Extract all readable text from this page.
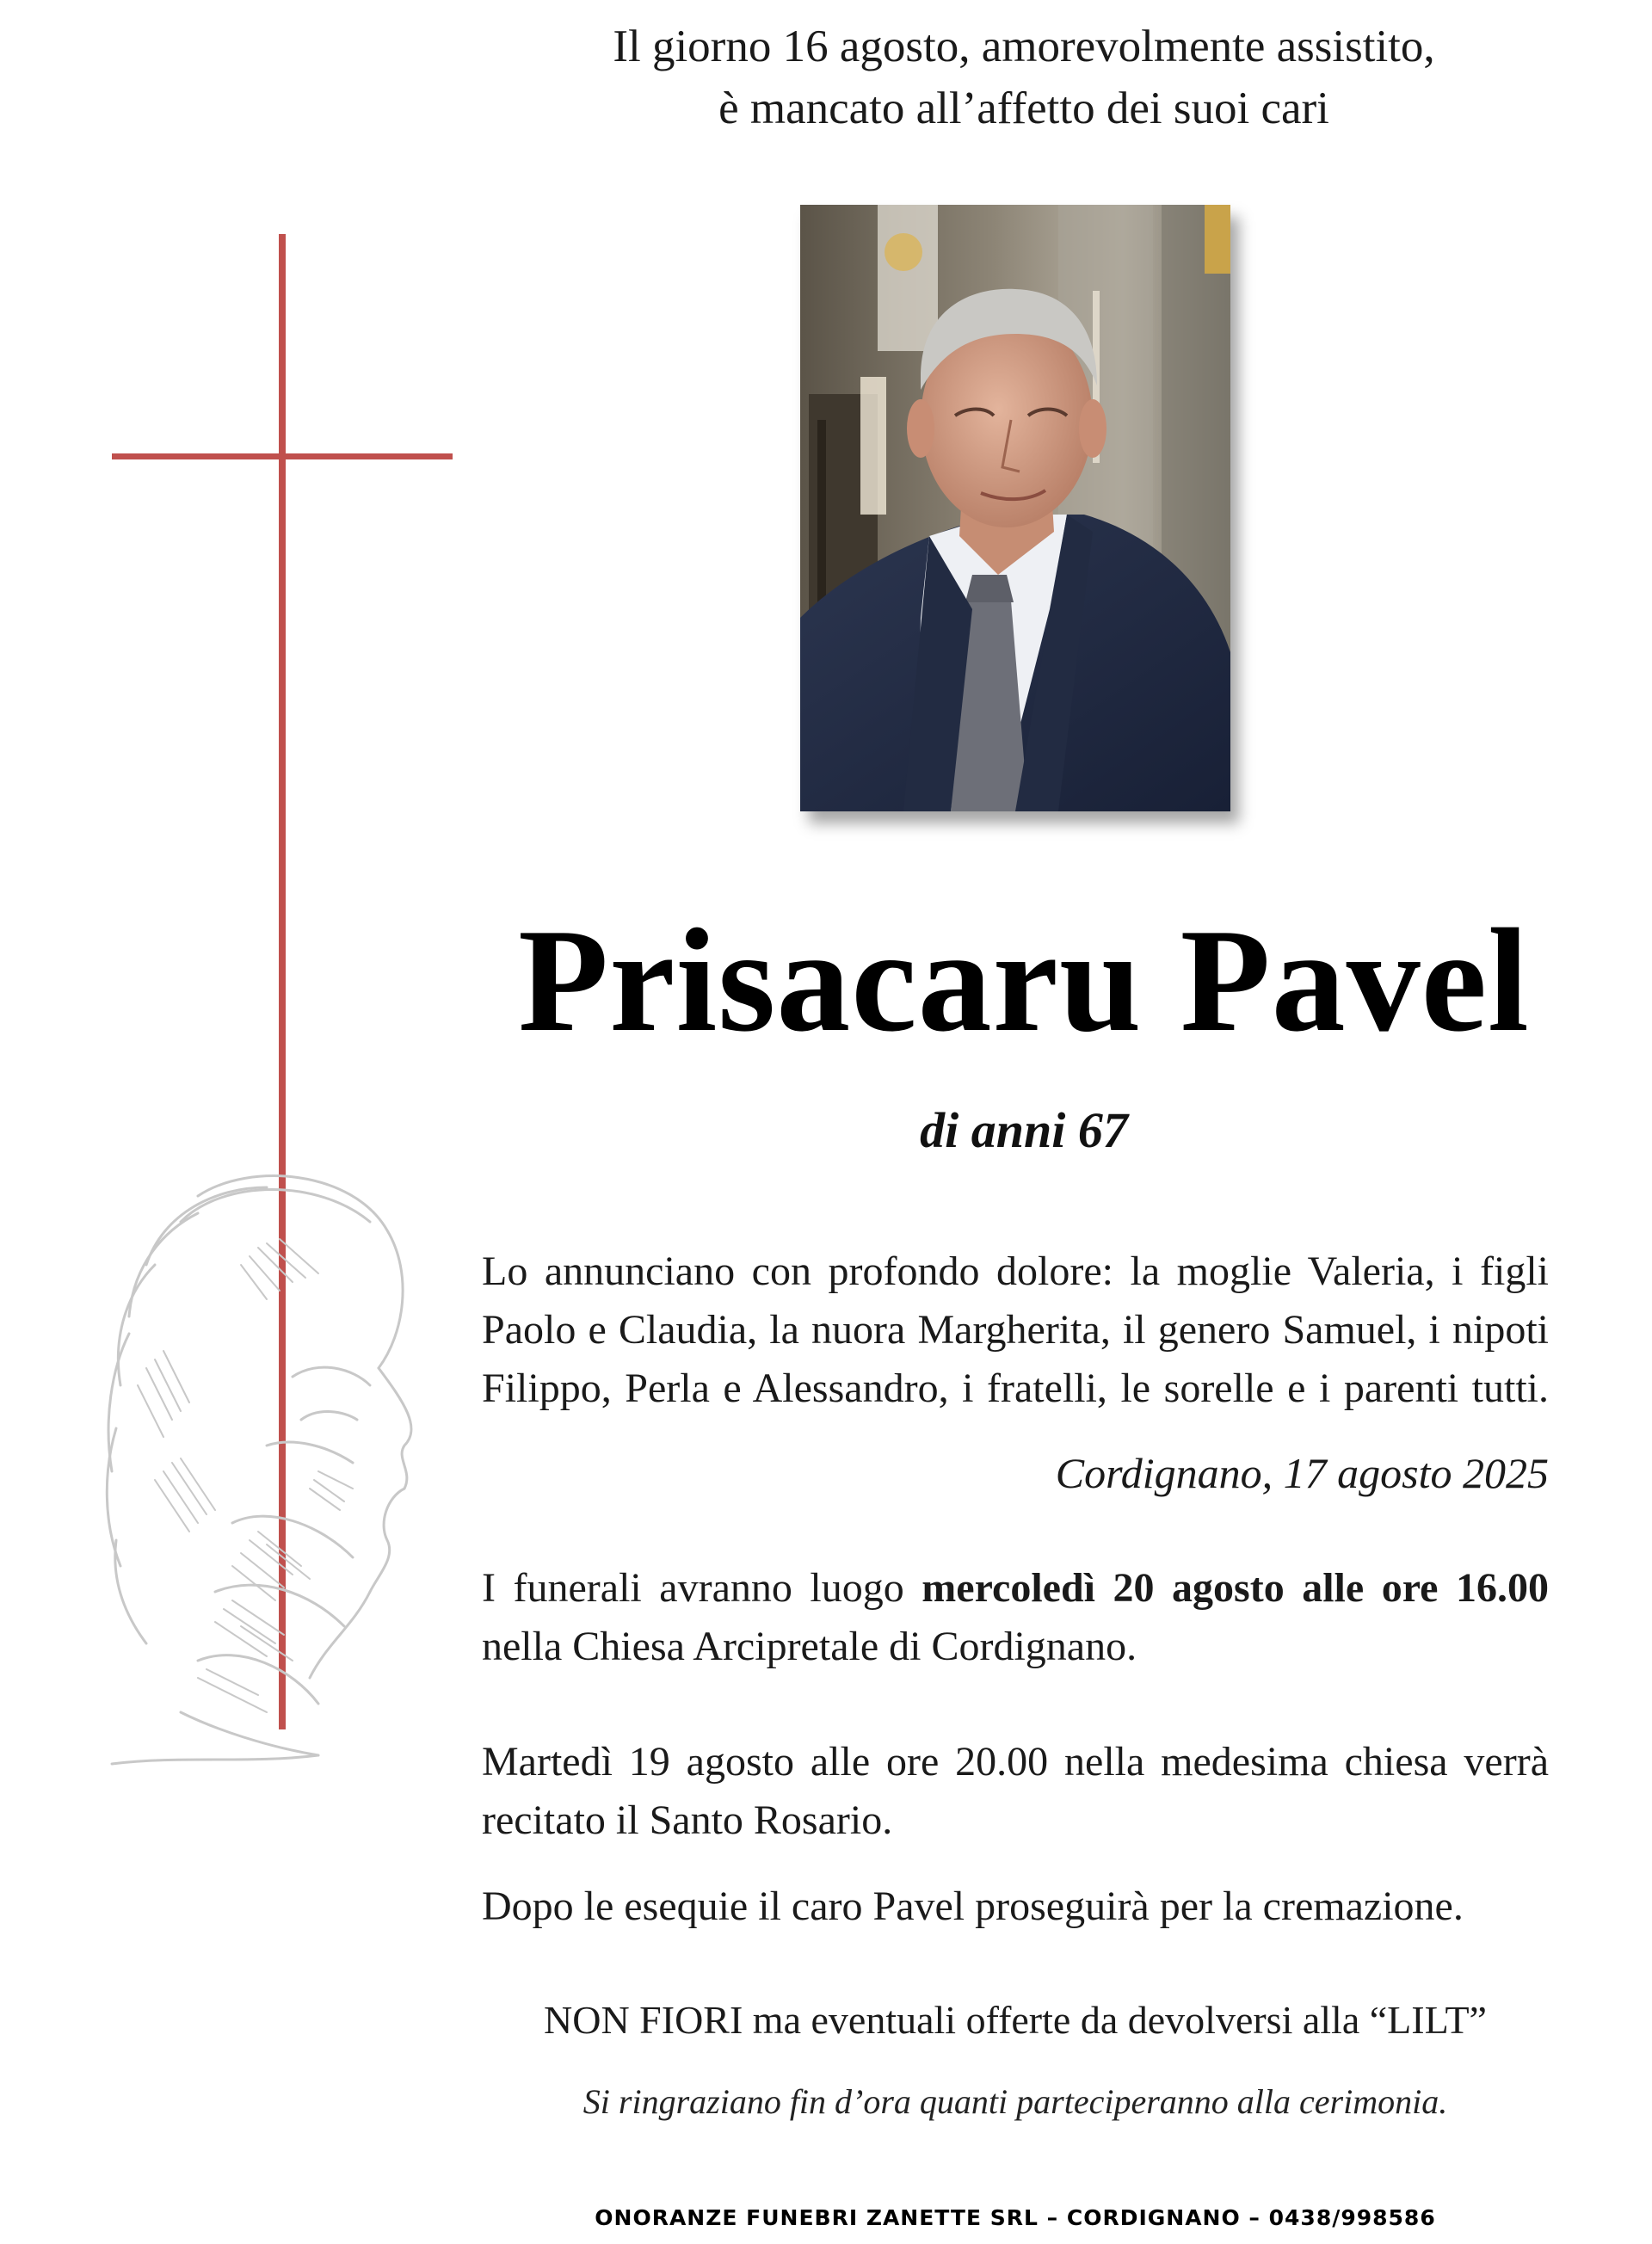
Il giorno 16 agosto, amorevolmente assistito,
è mancato all’affetto dei suoi cari
Prisacaru Pavel
di anni 67
Lo annunciano con profondo dolore: la moglie Valeria, i figli
Paolo e Claudia, la nuora Margherita, il genero Samuel, i nipoti
Filippo, Perla e Alessandro, i fratelli, le sorelle e i parenti tutti.
Cordignano, 17 agosto 2025
I funerali avranno luogo mercoledì 20 agosto alle ore 16.00
nella Chiesa Arcipretale di Cordignano.
Martedì 19 agosto alle ore 20.00 nella medesima chiesa verrà
recitato il Santo Rosario.
Dopo le esequie il caro Pavel proseguirà per la cremazione.
NON FIORI ma eventuali offerte da devolversi alla “LILT”
Si ringraziano fin d’ora quanti parteciperanno alla cerimonia.
ONORANZE FUNEBRI ZANETTE SRL – CORDIGNANO – 0438/998586
